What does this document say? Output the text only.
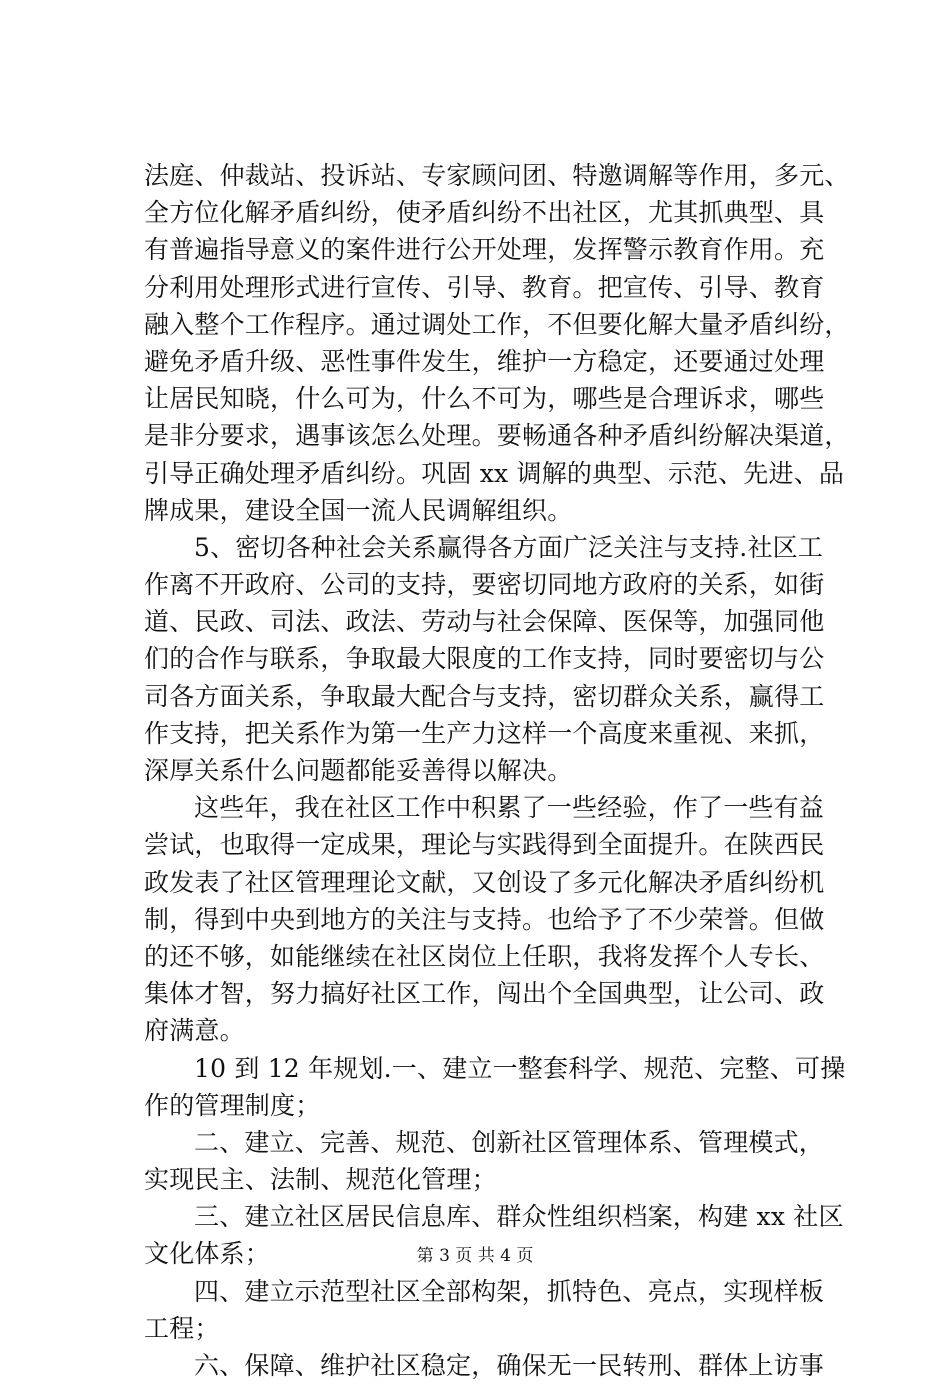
法庭、仲裁站、投诉站、专家顾问团、特邀调解等作用，多元、
全方位化解矛盾纠纷，使矛盾纠纷不出社区，尤其抓典型、具
有普遍指导意义的案件进行公开处理，发挥警示教育作用。充
分利用处理形式进行宣传、引导、教育。把宣传、引导、教育
融入整个工作程序。通过调处工作，不但要化解大量矛盾纠纷，
避免矛盾升级、恶性事件发生，维护一方稳定，还要通过处理
让居民知晓，什么可为，什么不可为，哪些是合理诉求，哪些
是非分要求，遇事该怎么处理。要畅通各种矛盾纠纷解决渠道，
引导正确处理矛盾纠纷。巩固 xx 调解的典型、示范、先进、品
牌成果，建设全国一流人民调解组织。
5、密切各种社会关系赢得各方面广泛关注与支持.社区工
作离不开政府、公司的支持，要密切同地方政府的关系，如街
道、民政、司法、政法、劳动与社会保障、医保等，加强同他
们的合作与联系，争取最大限度的工作支持，同时要密切与公
司各方面关系，争取最大配合与支持，密切群众关系，赢得工
作支持，把关系作为第一生产力这样一个高度来重视、来抓，
深厚关系什么问题都能妥善得以解决。
这些年，我在社区工作中积累了一些经验，作了一些有益
尝试，也取得一定成果，理论与实践得到全面提升。在陕西民
政发表了社区管理理论文献，又创设了多元化解决矛盾纠纷机
制，得到中央到地方的关注与支持。也给予了不少荣誉。但做
的还不够，如能继续在社区岗位上任职，我将发挥个人专长、
集体才智，努力搞好社区工作，闯出个全国典型，让公司、政
府满意。
10 到 12 年规划.一、建立一整套科学、规范、完整、可操
作的管理制度；
二、建立、完善、规范、创新社区管理体系、管理模式，
实现民主、法制、规范化管理；
三、建立社区居民信息库、群众性组织档案，构建 xx 社区
文化体系；
四、建立示范型社区全部构架，抓特色、亮点，实现样板
工程；
六、保障、维护社区稳定，确保无一民转刑、群体上访事
第 3 页 共 4 页
